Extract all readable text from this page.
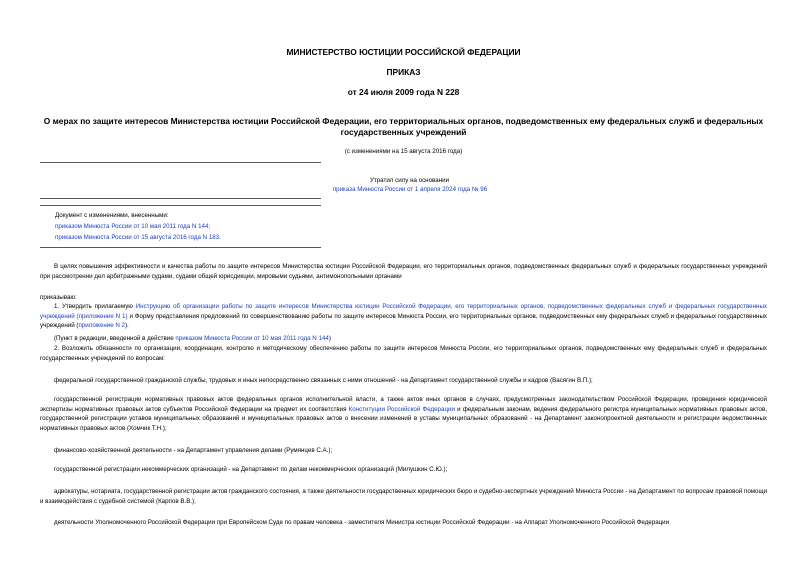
МИНИСТЕРСТВО ЮСТИЦИИ РОССИЙСКОЙ ФЕДЕРАЦИИ
ПРИКАЗ
от 24 июля 2009 года N 228
О мерах по защите интересов Министерства юстиции Российской Федерации, его территориальных органов, подведомственных ему федеральных служб и федеральных государственных учреждений
(с изменениями на 15 августа 2016 года)
Утратил силу на основании
приказа Минюста России от 1 апреля 2024 года № 96
Документ с изменениями, внесенными:
приказом Минюста России от 10 мая 2011 года N 144;
приказом Минюста России от 15 августа 2016 года N 183.
В целях повышения эффективности и качества работы по защите интересов Министерства юстиции Российской Федерации, его территориальных органов, подведомственных федеральных служб и федеральных государственных учреждений при рассмотрении дел арбитражными судами, судами общей юрисдикции, мировыми судьями, антимонопольными органами
приказываю:
1. Утвердить прилагаемую Инструкцию об организации работы по защите интересов Министерства юстиции Российской Федерации, его территориальных органов, подведомственных федеральных служб и федеральных государственных учреждений (приложение N 1) и Форму представления предложений по совершенствованию работы по защите интересов Минюста России, его территориальных органов, подведомственных ему федеральных служб и федеральных государственных учреждений (приложение N 2).
(Пункт в редакции, введенной в действие приказом Минюста России от 10 мая 2011 года N 144)
2. Возложить обязанности по организации, координации, контролю и методическому обеспечению работы по защите интересов Минюста России, его территориальных органов, подведомственных ему федеральных служб и федеральных государственных учреждений по вопросам:
федеральной государственной гражданской службы, трудовых и иных непосредственно связанных с ними отношений - на Департамент государственной службы и кадров (Васягин В.П.);
государственной регистрации нормативных правовых актов федеральных органов исполнительной власти, а также актов иных органов в случаях, предусмотренных законодательством Российской Федерации, проведения юридической экспертизы нормативных правовых актов субъектов Российской Федерации на предмет их соответствия Конституции Российской Федерации и федеральным законам, ведения федерального регистра муниципальных нормативных правовых актов, государственной регистрации уставов муниципальных образований и муниципальных правовых актов о внесении изменений в уставы муниципальных образований - на Департамент законопроектной деятельности и регистрации ведомственных нормативных правовых актов (Хомчик Т.Н.);
финансово-хозяйственной деятельности - на Департамент управления делами (Румянцев С.А.);
государственной регистрации некоммерческих организаций - на Департамент по делам некоммерческих организаций (Милушкин С.Ю.);
адвокатуры, нотариата, государственной регистрации актов гражданского состояния, а также деятельности государственных юридических бюро и судебно-экспертных учреждений Минюста России - на Департамент по вопросам правовой помощи и взаимодействия с судебной системой (Карпов В.В.);
деятельности Уполномоченного Российской Федерации при Европейском Суде по правам человека - заместителя Министра юстиции Российской Федерации - на Аппарат Уполномоченного Российской Федерации
